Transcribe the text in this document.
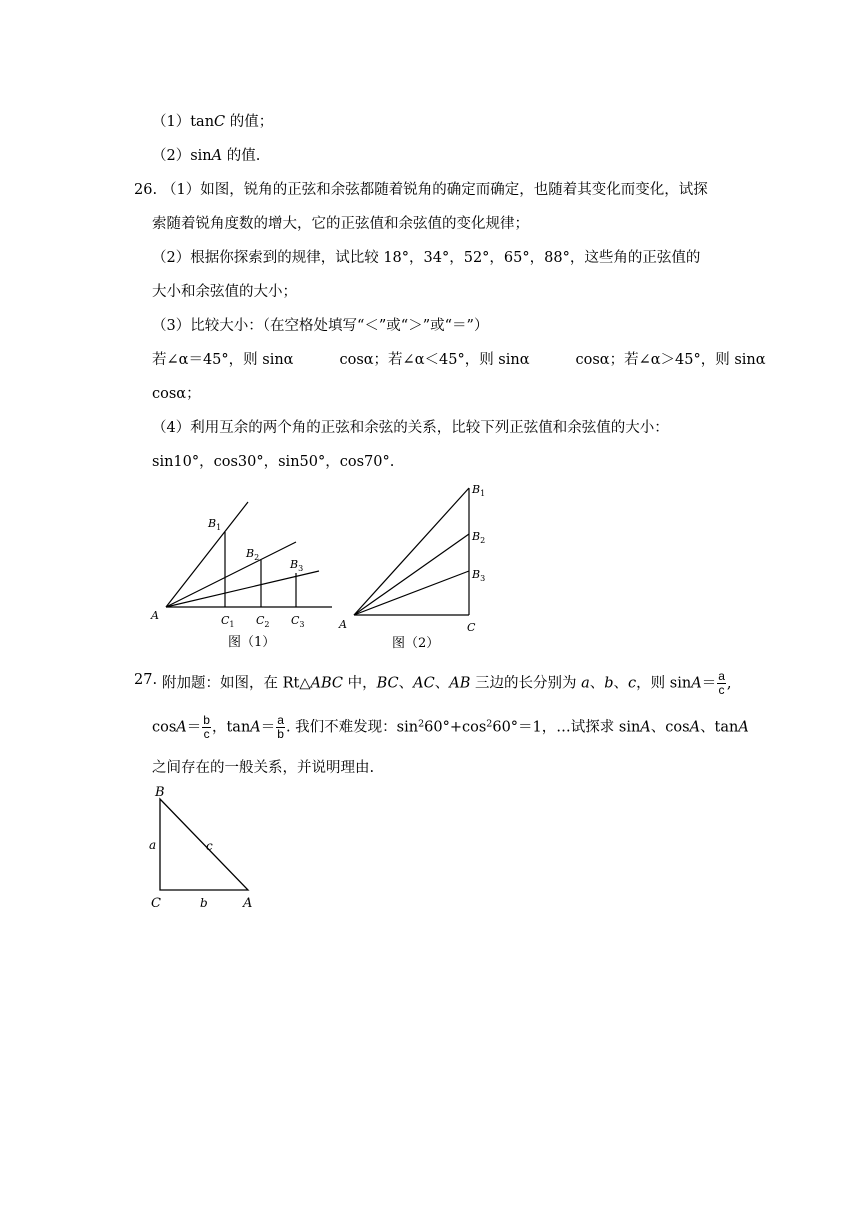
（1）tanC 的值；
（2）sinA 的值.
26. （1）如图，锐角的正弦和余弦都随着锐角的确定而确定，也随着其变化而变化，试探
索随着锐角度数的增大，它的正弦值和余弦值的变化规律；
（2）根据你探索到的规律，试比较 18°，34°，52°，65°，88°，这些角的正弦值的
大小和余弦值的大小；
（3）比较大小：（在空格处填写“＜”或“＞”或“＝”）
若∠α＝45°，则 sinα	cosα；若∠α＜45°，则 sinα	cosα；若∠α＞45°，则 sinα
cosα；
（4）利用互余的两个角的正弦和余弦的关系，比较下列正弦值和余弦值的大小：
sin10°，cos30°，sin50°，cos70°.
A
$B_1$
$B_2$
$B_3$
$C_1$ $C_2$ $C_3$
图（1）
A	C
$B_1$
$B_2$
$B_3$
图（2）
27. 附加题：如图，在 Rt△ABC 中，BC、AC、AB 三边的长分别为 a、b、c，则 $\sin A= \frac{a}{c}$ ,
$\cos A= \frac{b}{c}$ ，$\tan A= \frac{a}{b}$ . 我们不难发现：$\sin^260^\circ+\cos^260^\circ=1$，…试探求 sinA、cosA、tanA
之间存在的一般关系，并说明理由.
B
C	A
a
b
c
